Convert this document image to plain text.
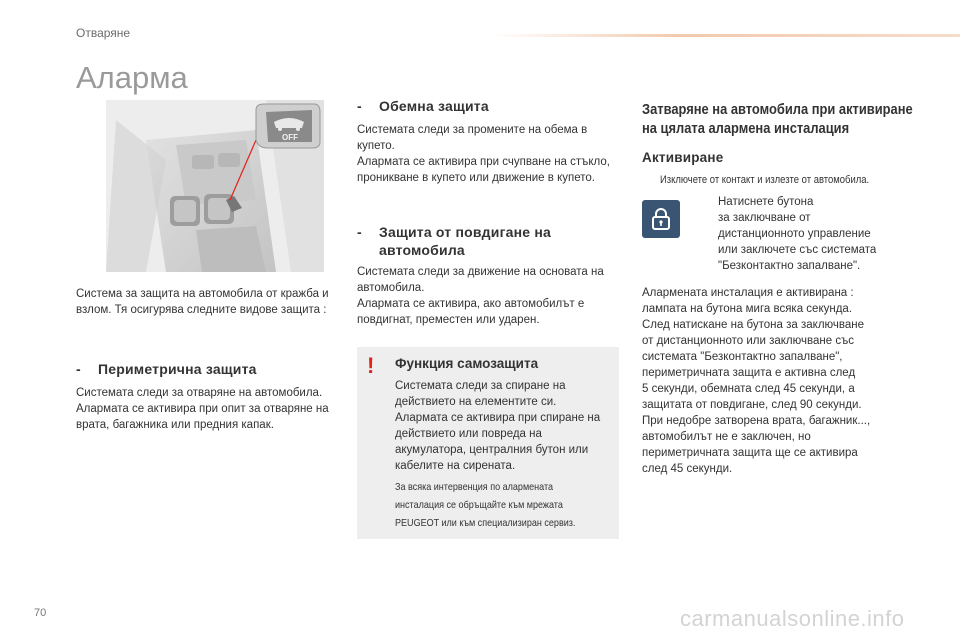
Отваряне
Аларма
OFF
Система за защита на автомобила от кражба и взлом. Тя осигурява следните видове защита :
- Периметрична защита
Системата следи за отваряне на автомобила. Алармата се активира при опит за отваряне на врата, багажника или предния капак.
- Обемна защита
Системата следи за промените на обема в купето.
Алармата се активира при счупване на стъкло, проникване в купето или движение в купето.
- Защита от повдигане на
автомобила
Системата следи за движение на основата на автомобила.
Алармата се активира, ако автомобилът е повдигнат, преместен или ударен.
! Функция самозащита
Системата следи за спиране на действието на елементите си.
Алармата се активира при спиране на действието или повреда на акумулатора, централния бутон или кабелите на сирената.
За всяка интервенция по алармената
инсталация се обръщайте към мрежата
PEUGEOT или към специализиран сервиз.
Затваряне на автомобила при активиране
на цялата алармена инсталация
Активиране
Изключете от контакт и излезте от автомобила.
Натиснете бутона
за заключване от
дистанционното управление
или заключете със системата
"Безконтактно запалване".
Алармената инсталация е активирана :
лампата на бутона мига всяка секунда.
След натискане на бутона за заключване
от дистанционното или заключване със
системата "Безконтактно запалване",
периметричната защита е активна след
5 секунди, обемната след 45 секунди, а
защитата от повдигане, след 90 секунди.
При недобре затворена врата, багажник...,
автомобилът не е заключен, но
периметричната защита ще се активира
след 45 секунди.
70	carmanualsonline.info
